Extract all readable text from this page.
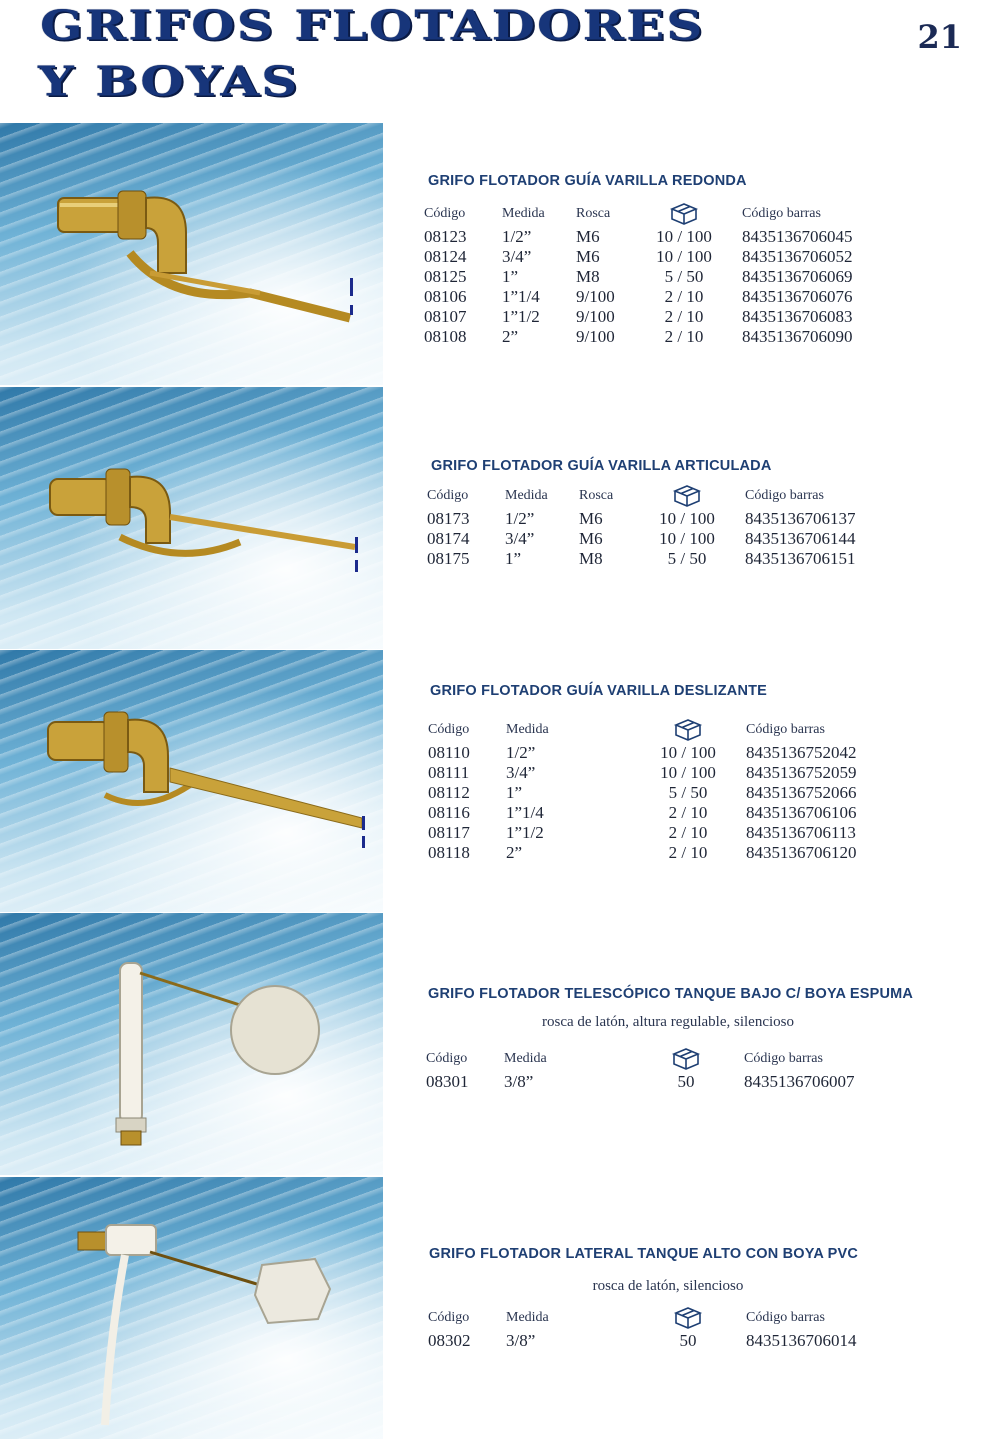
GRIFOS FLOTADORES
Y BOYAS
21
GRIFO FLOTADOR GUÍA VARILLA REDONDA
Código	Medida	Rosca		Código barras
08123	1/2”	M6	10 / 100	8435136706045
08124	3/4”	M6	10 / 100	8435136706052
08125	1”	M8	5 / 50	8435136706069
08106	1”1/4	9/100	2 / 10	8435136706076
08107	1”1/2	9/100	2 / 10	8435136706083
08108	2”	9/100	2 / 10	8435136706090
GRIFO FLOTADOR GUÍA VARILLA ARTICULADA
Código	Medida	Rosca		Código barras
08173	1/2”	M6	10 / 100	8435136706137
08174	3/4”	M6	10 / 100	8435136706144
08175	1”	M8	5 / 50	8435136706151
GRIFO FLOTADOR GUÍA VARILLA DESLIZANTE
Código	Medida			Código barras
08110	1/2”		10 / 100	8435136752042
08111	3/4”		10 / 100	8435136752059
08112	1”		5 / 50	8435136752066
08116	1”1/4		2 / 10	8435136706106
08117	1”1/2		2 / 10	8435136706113
08118	2”		2 / 10	8435136706120
GRIFO FLOTADOR TELESCÓPICO TANQUE BAJO C/ BOYA ESPUMA
rosca de latón, altura regulable, silencioso
Código	Medida			Código barras
08301	3/8”		50	8435136706007
GRIFO FLOTADOR LATERAL TANQUE ALTO CON BOYA PVC
rosca de latón, silencioso
Código	Medida			Código barras
08302	3/8”		50	8435136706014
